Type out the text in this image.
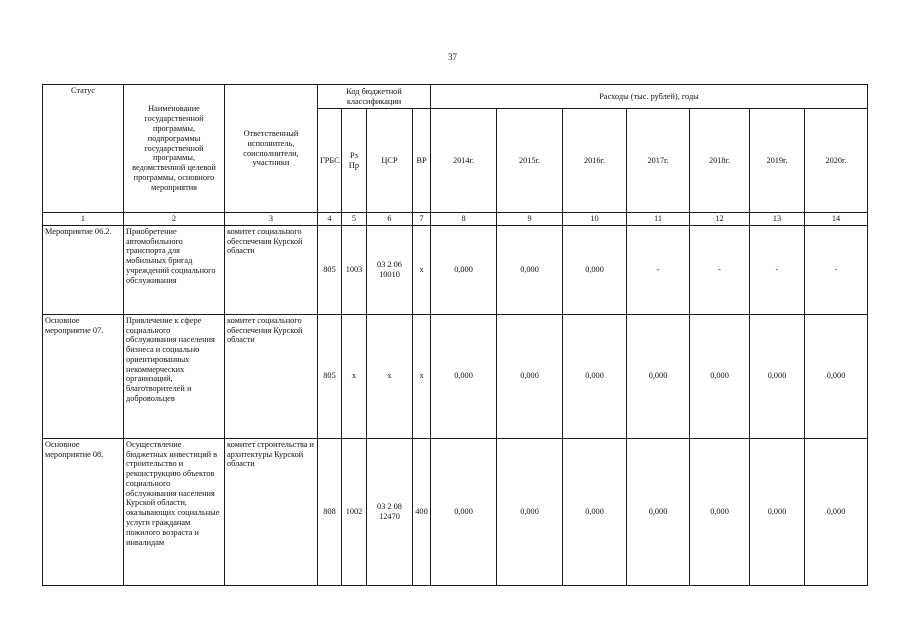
37
Статус	Наименование государственной программы, подпрограммы государственной программы, ведомственной целевой программы, основного мероприятия	Ответственный исполнитель, соисполнители, участники	Код бюджетной классификации				Расходы (тыс. рублей), годы						
			ГРБС	Рз Пр	ЦСР	ВР	2014г.	2015г.	2016г.	2017г.	2018г.	2019г.	2020г.
1	2	3	4	5	6	7	8	9	10	11	12	13	14
Мероприятие 06.2.	Приобретение автомобильного транспорта для мобильных бригад учреждений социального обслуживания	комитет социального обеспечения Курской области	805	1003	03 2 06 10010	х	0,000	0,000	0,000	-	-	-	-
Основное мероприятие 07.	Привлечение к сфере социального обслуживания населения бизнеса и социально ориентированных некоммерческих организаций, благотворителей и добровольцев	комитет социального обеспечения Курской области	805	х	х	х	0,000	0,000	0,000	0,000	0,000	0,000	0,000
Основное мероприятие 08.	Осуществление бюджетных инвестиций в строительство и реконструкцию объектов социального обслуживания населения Курской области, оказывающих социальные услуги гражданам пожилого возраста и инвалидам	комитет строительства и архитектуры Курской области	808	1002	03 2 08 12470	400	0,000	0,000	0,000	0,000	0,000	0,000	0,000
